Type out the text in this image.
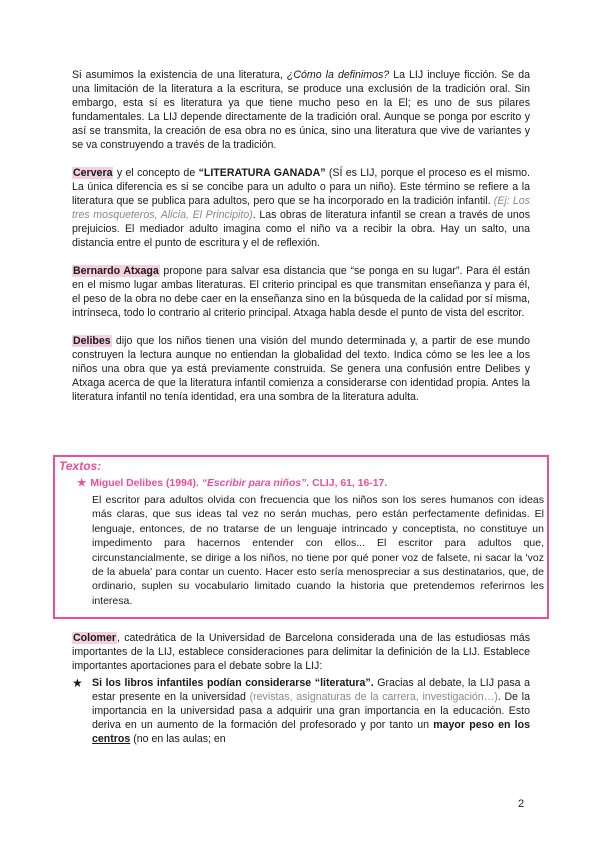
Si asumimos la existencia de una literatura, ¿Cómo la definimos? La LIJ incluye ficción. Se da una limitación de la literatura a la escritura, se produce una exclusión de la tradición oral. Sin embargo, esta sí es literatura ya que tiene mucho peso en la El; es uno de sus pilares fundamentales. La LIJ depende directamente de la tradición oral. Aunque se ponga por escrito y así se transmita, la creación de esa obra no es única, sino una literatura que vive de variantes y se va construyendo a través de la tradición.

Cervera y el concepto de “LITERATURA GANADA” (SÍ es LIJ, porque el proceso es el mismo. La única diferencia es si se concibe para un adulto o para un niño). Este término se refiere a la literatura que se publica para adultos, pero que se ha incorporado en la tradición infantil. (Ej: Los tres mosqueteros, Alicia, El Principito). Las obras de literatura infantil se crean a través de unos prejuicios. El mediador adulto imagina como el niño va a recibir la obra. Hay un salto, una distancia entre el punto de escritura y el de reflexión.

Bernardo Atxaga propone para salvar esa distancia que “se ponga en su lugar”. Para él están en el mismo lugar ambas literaturas. El criterio principal es que transmitan enseñanza y para él, el peso de la obra no debe caer en la enseñanza sino en la búsqueda de la calidad por sí misma, intrínseca, todo lo contrario al criterio principal. Atxaga habla desde el punto de vista del escritor.

Delibes dijo que los niños tienen una visión del mundo determinada y, a partir de ese mundo construyen la lectura aunque no entiendan la globalidad del texto. Indica cómo se les lee a los niños una obra que ya está previamente construida. Se genera una confusión entre Delibes y Atxaga acerca de que la literatura infantil comienza a considerarse con identidad propia. Antes la literatura infantil no tenía identidad, era una sombra de la literatura adulta.

Textos:
★ Miguel Delibes (1994). “Escribir para niños”. CLIJ, 61, 16-17.
El escritor para adultos olvida con frecuencia que los niños son los seres humanos con ideas más claras, que sus ideas tal vez no serán muchas, pero están perfectamente definidas. El lenguaje, entonces, de no tratarse de un lenguaje intrincado y conceptista, no constituye un impedimento para hacernos entender con ellos... El escritor para adultos que, circunstancialmente, se dirige a los niños, no tiene por qué poner voz de falsete, ni sacar la 'voz de la abuela' para contar un cuento. Hacer esto sería menospreciar a sus destinatarios, que, de ordinario, suplen su vocabulario limitado cuando la historia que pretendemos referirnos les interesa.

Colomer, catedrática de la Universidad de Barcelona considerada una de las estudiosas más importantes de la LIJ, establece consideraciones para delimitar la definición de la LIJ. Establece importantes aportaciones para el debate sobre la LIJ:

★ Si los libros infantiles podían considerarse “literatura”. Gracias al debate, la LIJ pasa a estar presente en la universidad (revistas, asignaturas de la carrera, investigación…). De la importancia en la universidad pasa a adquirir una gran importancia en la educación. Esto deriva en un aumento de la formación del profesorado y por tanto un mayor peso en los centros (no en las aulas; en
2
